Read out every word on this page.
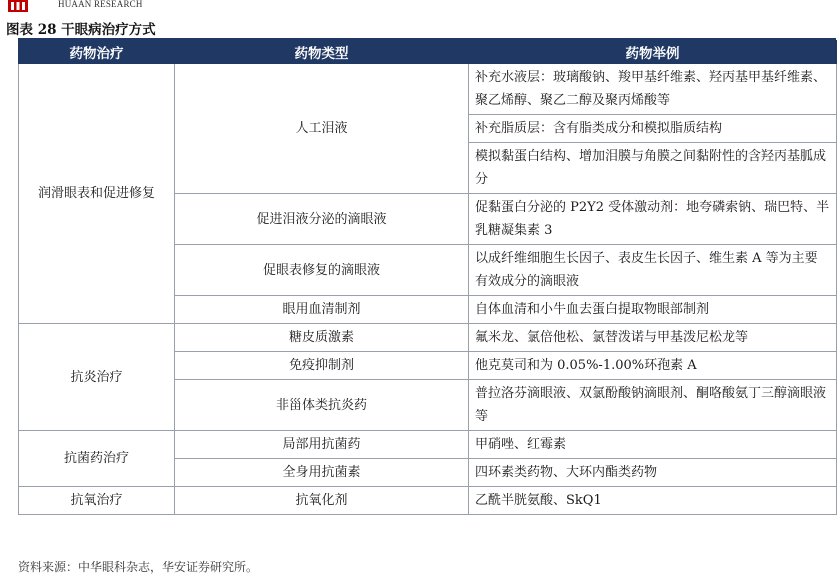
HUAAN RESEARCH
图表 28 干眼病治疗方式
药物治疗	药物类型	药物举例
润滑眼表和促进修复	人工泪液	补充水液层：玻璃酸钠、羧甲基纤维素、羟丙基甲基纤维素、聚乙烯醇、聚乙二醇及聚丙烯酸等
		补充脂质层：含有脂类成分和模拟脂质结构
		模拟黏蛋白结构、增加泪膜与角膜之间黏附性的含羟丙基胍成分
	促进泪液分泌的滴眼液	促黏蛋白分泌的 P2Y2 受体激动剂：地夸磷索钠、瑞巴特、半乳糖凝集素 3
	促眼表修复的滴眼液	以成纤维细胞生长因子、表皮生长因子、维生素 A 等为主要有效成分的滴眼液
	眼用血清制剂	自体血清和小牛血去蛋白提取物眼部制剂
抗炎治疗	糖皮质激素	氟米龙、氯倍他松、氯替泼诺与甲基泼尼松龙等
	免疫抑制剂	他克莫司和为 0.05%-1.00%环孢素 A
	非甾体类抗炎药	普拉洛芬滴眼液、双氯酚酸钠滴眼剂、酮咯酸氨丁三醇滴眼液等
抗菌药治疗	局部用抗菌药	甲硝唑、红霉素
	全身用抗菌素	四环素类药物、大环内酯类药物
抗氧治疗	抗氧化剂	乙酰半胱氨酸、SkQ1
资料来源：中华眼科杂志，华安证券研究所。
